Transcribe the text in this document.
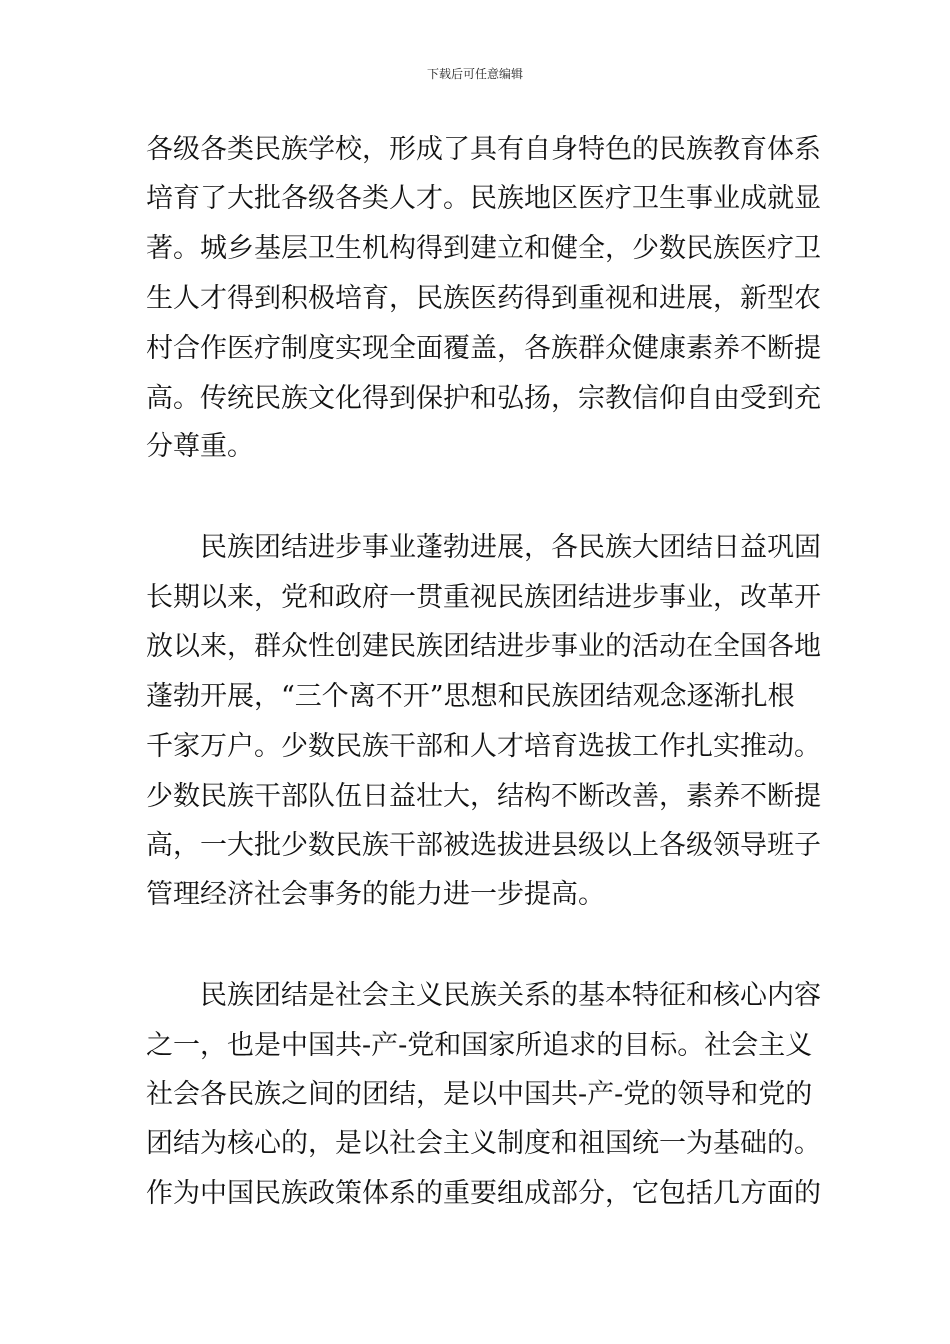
下载后可任意编辑
各级各类民族学校，形成了具有自身特色的民族教育体系
培育了大批各级各类人才。民族地区医疗卫生事业成就显
著。城乡基层卫生机构得到建立和健全，少数民族医疗卫
生人才得到积极培育，民族医药得到重视和进展，新型农
村合作医疗制度实现全面覆盖，各族群众健康素养不断提
高。传统民族文化得到保护和弘扬，宗教信仰自由受到充
分尊重。
民族团结进步事业蓬勃进展，各民族大团结日益巩固
长期以来，党和政府一贯重视民族团结进步事业，改革开
放以来，群众性创建民族团结进步事业的活动在全国各地
蓬勃开展，“三个离不开”思想和民族团结观念逐渐扎根
千家万户。少数民族干部和人才培育选拔工作扎实推动。
少数民族干部队伍日益壮大，结构不断改善，素养不断提
高，一大批少数民族干部被选拔进县级以上各级领导班子
管理经济社会事务的能力进一步提高。
民族团结是社会主义民族关系的基本特征和核心内容
之一，也是中国共-产-党和国家所追求的目标。社会主义
社会各民族之间的团结，是以中国共-产-党的领导和党的
团结为核心的，是以社会主义制度和祖国统一为基础的。
作为中国民族政策体系的重要组成部分，它包括几方面的
